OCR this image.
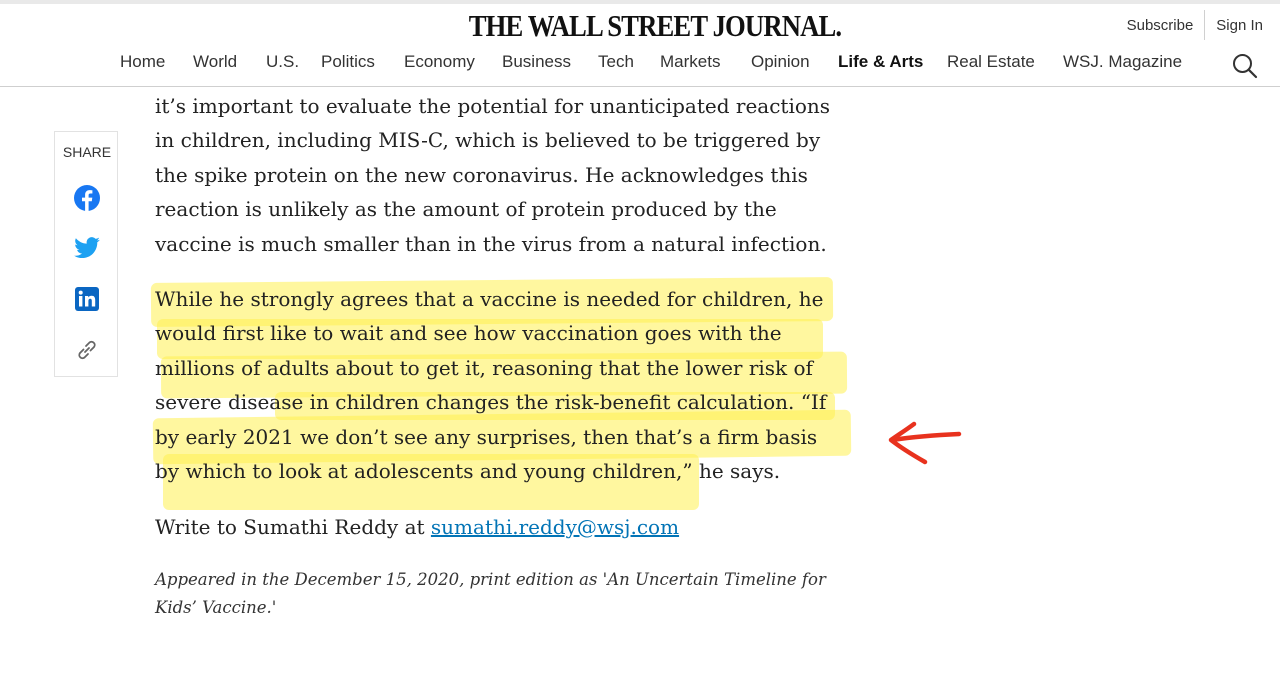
THE WALL STREET JOURNAL.	Subscribe Sign In
Home World U.S. Politics Economy Business Tech Markets Opinion Life & Arts Real Estate WSJ. Magazine
SHARE

it’s important to evaluate the potential for unanticipated reactions
in children, including MIS-C, which is believed to be triggered by
the spike protein on the new coronavirus. He acknowledges this
reaction is unlikely as the amount of protein produced by the
vaccine is much smaller than in the virus from a natural infection.

While he strongly agrees that a vaccine is needed for children, he
would first like to wait and see how vaccination goes with the
millions of adults about to get it, reasoning that the lower risk of
severe disease in children changes the risk-benefit calculation. “If
by early 2021 we don’t see any surprises, then that’s a firm basis
by which to look at adolescents and young children,” he says.

Write to Sumathi Reddy at sumathi.reddy@wsj.com
Appeared in the December 15, 2020, print edition as 'An Uncertain Timeline for
Kids’ Vaccine.'
